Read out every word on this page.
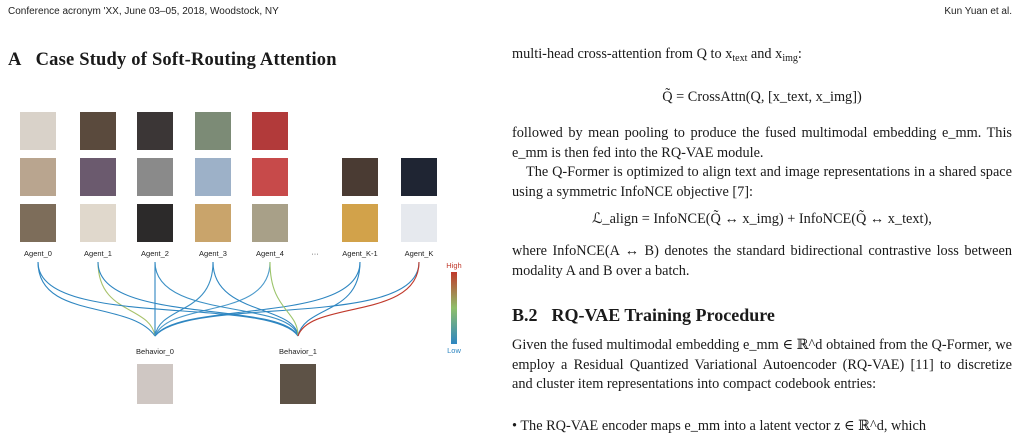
Conference acronym 'XX, June 03–05, 2018, Woodstock, NY	Kun Yuan et al.
A Case Study of Soft-Routing Attention
Agent_0	Agent_1	Agent_2	Agent_3	Agent_4	···	Agent_K-1	Agent_K
Behavior_0	Behavior_1
High
Low
multi-head cross-attention from Q to $x_{text}$ and $x_{img}$:
Q̃ = CrossAttn(Q, [x_text, x_img])
followed by mean pooling to produce the fused multimodal embedding e_mm. This e_mm is then fed into the RQ-VAE module.
The Q-Former is optimized to align text and image representations in a shared space using a symmetric InfoNCE objective [7]:
ℒ_align = InfoNCE(Q̃ ↔ x_img) + InfoNCE(Q̃ ↔ x_text),
where InfoNCE(A ↔ B) denotes the standard bidirectional contrastive loss between modality A and B over a batch.
B.2 RQ-VAE Training Procedure
Given the fused multimodal embedding e_mm ∈ ℝ^d obtained from the Q-Former, we employ a Residual Quantized Variational Autoencoder (RQ-VAE) [11] to discretize and cluster item representations into compact codebook entries:
• The RQ-VAE encoder maps e_mm into a latent vector z ∈ ℝ^d, which
